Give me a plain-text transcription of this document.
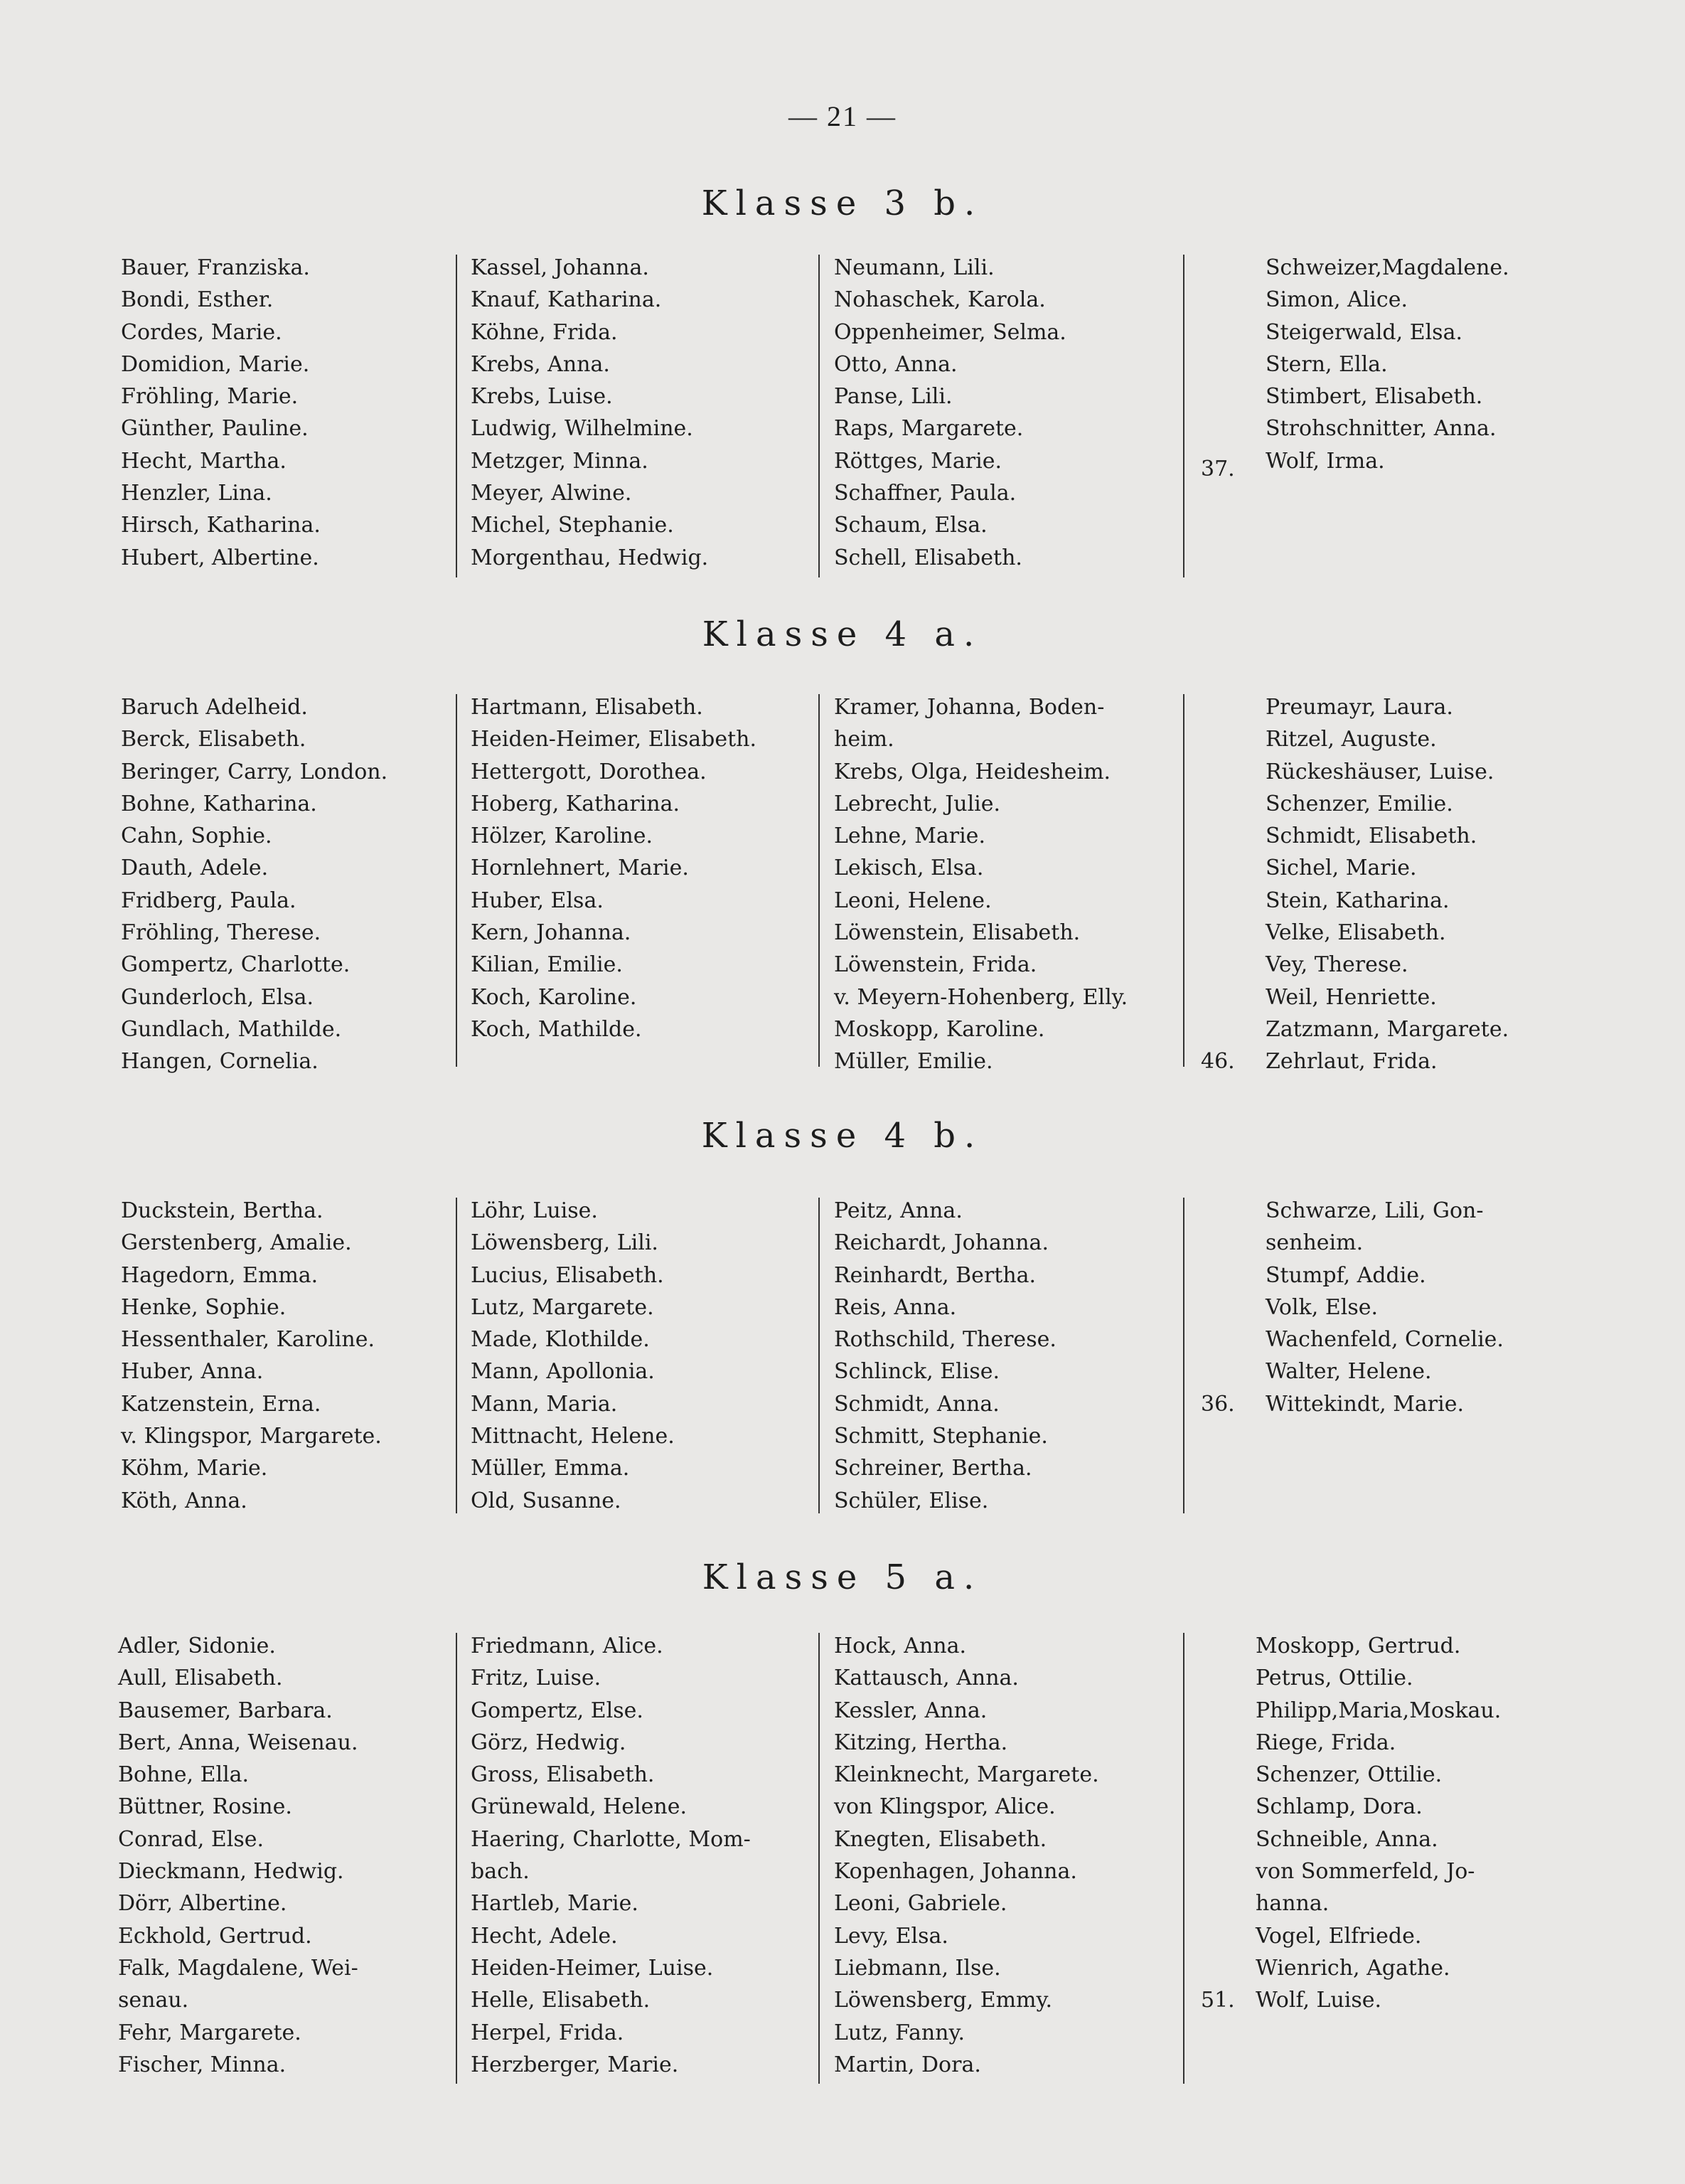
— 21 —
Klasse 3 b.
Bauer, Franziska.
Bondi, Esther.
Cordes, Marie.
Domidion, Marie.
Fröhling, Marie.
Günther, Pauline.
Hecht, Martha.
Henzler, Lina.
Hirsch, Katharina.
Hubert, Albertine.
Kassel, Johanna.
Knauf, Katharina.
Köhne, Frida.
Krebs, Anna.
Krebs, Luise.
Ludwig, Wilhelmine.
Metzger, Minna.
Meyer, Alwine.
Michel, Stephanie.
Morgenthau, Hedwig.
Neumann, Lili.
Nohaschek, Karola.
Oppenheimer, Selma.
Otto, Anna.
Panse, Lili.
Raps, Margarete.
Röttges, Marie.
Schaffner, Paula.
Schaum, Elsa.
Schell, Elisabeth.
37.
Schweizer,Magdalene.
Simon, Alice.
Steigerwald, Elsa.
Stern, Ella.
Stimbert, Elisabeth.
Strohschnitter, Anna.
Wolf, Irma.
Klasse 4 a.
Baruch Adelheid.
Berck, Elisabeth.
Beringer, Carry, London.
Bohne, Katharina.
Cahn, Sophie.
Dauth, Adele.
Fridberg, Paula.
Fröhling, Therese.
Gompertz, Charlotte.
Gunderloch, Elsa.
Gundlach, Mathilde.
Hangen, Cornelia.
Hartmann, Elisabeth.
Heiden-Heimer, Elisabeth.
Hettergott, Dorothea.
Hoberg, Katharina.
Hölzer, Karoline.
Hornlehnert, Marie.
Huber, Elsa.
Kern, Johanna.
Kilian, Emilie.
Koch, Karoline.
Koch, Mathilde.
Kramer, Johanna, Boden-
heim.
Krebs, Olga, Heidesheim.
Lebrecht, Julie.
Lehne, Marie.
Lekisch, Elsa.
Leoni, Helene.
Löwenstein, Elisabeth.
Löwenstein, Frida.
v. Meyern-Hohenberg, Elly.
Moskopp, Karoline.
Müller, Emilie.	46.
Preumayr, Laura.
Ritzel, Auguste.
Rückeshäuser, Luise.
Schenzer, Emilie.
Schmidt, Elisabeth.
Sichel, Marie.
Stein, Katharina.
Velke, Elisabeth.
Vey, Therese.
Weil, Henriette.
Zatzmann, Margarete.
Zehrlaut, Frida.
Klasse 4 b.
Duckstein, Bertha.
Gerstenberg, Amalie.
Hagedorn, Emma.
Henke, Sophie.
Hessenthaler, Karoline.
Huber, Anna.
Katzenstein, Erna.
v. Klingspor, Margarete.
Köhm, Marie.
Köth, Anna.
Löhr, Luise.
Löwensberg, Lili.
Lucius, Elisabeth.
Lutz, Margarete.
Made, Klothilde.
Mann, Apollonia.
Mann, Maria.
Mittnacht, Helene.
Müller, Emma.
Old, Susanne.
Peitz, Anna.
Reichardt, Johanna.
Reinhardt, Bertha.
Reis, Anna.
Rothschild, Therese.
Schlinck, Elise.
Schmidt, Anna.
Schmitt, Stephanie.
Schreiner, Bertha.
Schüler, Elise.
36.
Schwarze, Lili, Gon-
senheim.
Stumpf, Addie.
Volk, Else.
Wachenfeld, Cornelie.
Walter, Helene.
Wittekindt, Marie.
Klasse 5 a.
Adler, Sidonie.
Aull, Elisabeth.
Bausemer, Barbara.
Bert, Anna, Weisenau.
Bohne, Ella.
Büttner, Rosine.
Conrad, Else.
Dieckmann, Hedwig.
Dörr, Albertine.
Eckhold, Gertrud.
Falk, Magdalene, Wei-
senau.
Fehr, Margarete.
Fischer, Minna.
Friedmann, Alice.
Fritz, Luise.
Gompertz, Else.
Görz, Hedwig.
Gross, Elisabeth.
Grünewald, Helene.
Haering, Charlotte, Mom-
bach.
Hartleb, Marie.
Hecht, Adele.
Heiden-Heimer, Luise.
Helle, Elisabeth.
Herpel, Frida.
Herzberger, Marie.
Hock, Anna.
Kattausch, Anna.
Kessler, Anna.
Kitzing, Hertha.
Kleinknecht, Margarete.
von Klingspor, Alice.
Knegten, Elisabeth.
Kopenhagen, Johanna.
Leoni, Gabriele.
Levy, Elsa.
Liebmann, Ilse.
Löwensberg, Emmy.
Lutz, Fanny.
Martin, Dora.
51.
Moskopp, Gertrud.
Petrus, Ottilie.
Philipp,Maria,Moskau.
Riege, Frida.
Schenzer, Ottilie.
Schlamp, Dora.
Schneible, Anna.
von Sommerfeld, Jo-
hanna.
Vogel, Elfriede.
Wienrich, Agathe.
Wolf, Luise.
